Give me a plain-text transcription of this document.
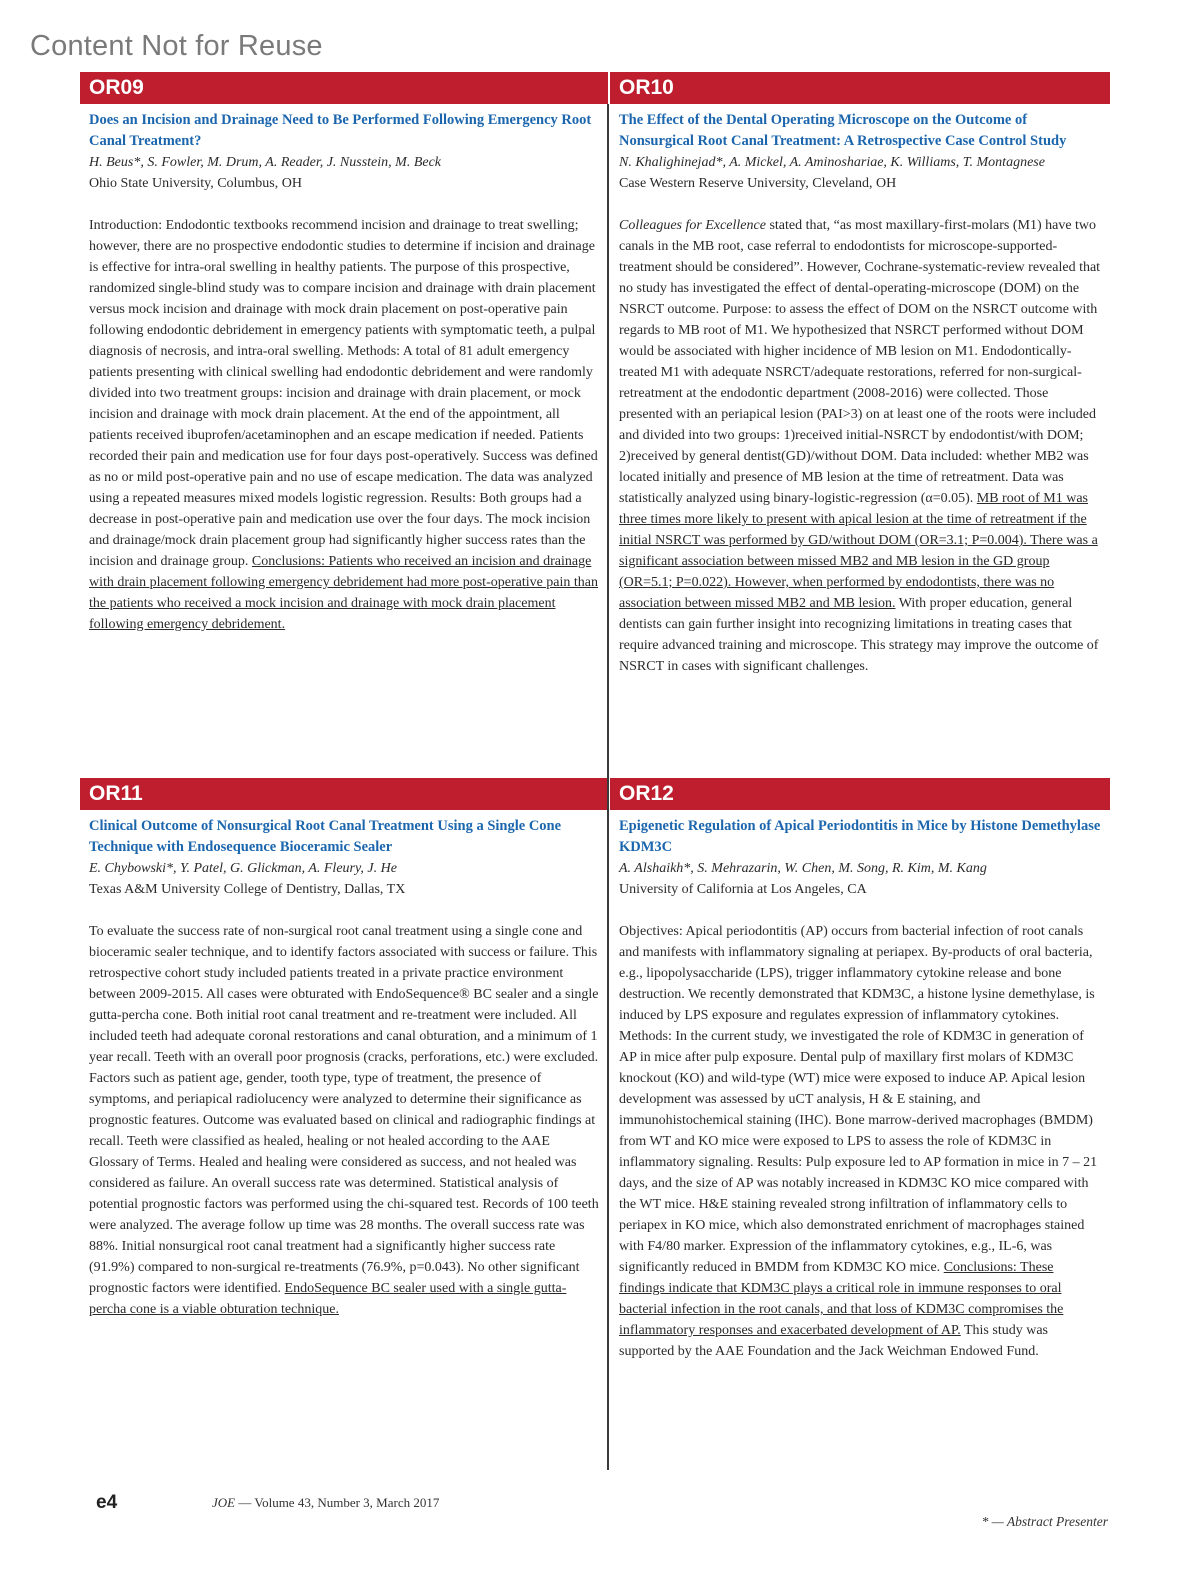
Content Not for Reuse
OR09	OR10
OR11	OR12

Does an Incision and Drainage Need to Be Performed Following Emergency Root Canal Treatment?

H. Beus*, S. Fowler, M. Drum, A. Reader, J. Nusstein, M. Beck

Ohio State University, Columbus, OH

Introduction: Endodontic textbooks recommend incision and drainage to treat swelling; however, there are no prospective endodontic studies to determine if incision and drainage is effective for intra-oral swelling in healthy patients. The purpose of this prospective, randomized single-blind study was to compare incision and drainage with drain placement versus mock incision and drainage with mock drain placement on post-operative pain following endodontic debridement in emergency patients with symptomatic teeth, a pulpal diagnosis of necrosis, and intra-oral swelling. Methods: A total of 81 adult emergency patients presenting with clinical swelling had endodontic debridement and were randomly divided into two treatment groups: incision and drainage with drain placement, or mock incision and drainage with mock drain placement. At the end of the appointment, all patients received ibuprofen/acetaminophen and an escape medication if needed. Patients recorded their pain and medication use for four days post-operatively. Success was defined as no or mild post-operative pain and no use of escape medication. The data was analyzed using a repeated measures mixed models logistic regression. Results: Both groups had a decrease in post-operative pain and medication use over the four days. The mock incision and drainage/mock drain placement group had significantly higher success rates than the incision and drainage group. Conclusions: Patients who received an incision and drainage with drain placement following emergency debridement had more post-operative pain than the patients who received a mock incision and drainage with mock drain placement following emergency debridement.

The Effect of the Dental Operating Microscope on the Outcome of Nonsurgical Root Canal Treatment: A Retrospective Case Control Study

N. Khalighinejad*, A. Mickel, A. Aminoshariae, K. Williams, T. Montagnese

Case Western Reserve University, Cleveland, OH

Colleagues for Excellence stated that, “as most maxillary-first-molars (M1) have two canals in the MB root, case referral to endodontists for microscope-supported-treatment should be considered”. However, Cochrane-systematic-review revealed that no study has investigated the effect of dental-operating-microscope (DOM) on the NSRCT outcome. Purpose: to assess the effect of DOM on the NSRCT outcome with regards to MB root of M1. We hypothesized that NSRCT performed without DOM would be associated with higher incidence of MB lesion on M1. Endodontically-treated M1 with adequate NSRCT/adequate restorations, referred for non-surgical-retreatment at the endodontic department (2008-2016) were collected. Those presented with an periapical lesion (PAI>3) on at least one of the roots were included and divided into two groups: 1)received initial-NSRCT by endodontist/with DOM; 2)received by general dentist(GD)/without DOM. Data included: whether MB2 was located initially and presence of MB lesion at the time of retreatment. Data was statistically analyzed using binary-logistic-regression (α=0.05). MB root of M1 was three times more likely to present with apical lesion at the time of retreatment if the initial NSRCT was performed by GD/without DOM (OR=3.1; P=0.004). There was a significant association between missed MB2 and MB lesion in the GD group (OR=5.1; P=0.022). However, when performed by endodontists, there was no association between missed MB2 and MB lesion. With proper education, general dentists can gain further insight into recognizing limitations in treating cases that require advanced training and microscope. This strategy may improve the outcome of NSRCT in cases with significant challenges.

Clinical Outcome of Nonsurgical Root Canal Treatment Using a Single Cone Technique with Endosequence Bioceramic Sealer

E. Chybowski*, Y. Patel, G. Glickman, A. Fleury, J. He

Texas A&M University College of Dentistry, Dallas, TX

To evaluate the success rate of non-surgical root canal treatment using a single cone and bioceramic sealer technique, and to identify factors associated with success or failure. This retrospective cohort study included patients treated in a private practice environment between 2009-2015. All cases were obturated with EndoSequence® BC sealer and a single gutta-percha cone. Both initial root canal treatment and re-treatment were included. All included teeth had adequate coronal restorations and canal obturation, and a minimum of 1 year recall. Teeth with an overall poor prognosis (cracks, perforations, etc.) were excluded. Factors such as patient age, gender, tooth type, type of treatment, the presence of symptoms, and periapical radiolucency were analyzed to determine their significance as prognostic features. Outcome was evaluated based on clinical and radiographic findings at recall. Teeth were classified as healed, healing or not healed according to the AAE Glossary of Terms. Healed and healing were considered as success, and not healed was considered as failure. An overall success rate was determined. Statistical analysis of potential prognostic factors was performed using the chi-squared test. Records of 100 teeth were analyzed. The average follow up time was 28 months. The overall success rate was 88%. Initial nonsurgical root canal treatment had a significantly higher success rate (91.9%) compared to non-surgical re-treatments (76.9%, p=0.043). No other significant prognostic factors were identified. EndoSequence BC sealer used with a single gutta-percha cone is a viable obturation technique.

Epigenetic Regulation of Apical Periodontitis in Mice by Histone Demethylase KDM3C

A. Alshaikh*, S. Mehrazarin, W. Chen, M. Song, R. Kim, M. Kang

University of California at Los Angeles, CA

Objectives: Apical periodontitis (AP) occurs from bacterial infection of root canals and manifests with inflammatory signaling at periapex. By-products of oral bacteria, e.g., lipopolysaccharide (LPS), trigger inflammatory cytokine release and bone destruction. We recently demonstrated that KDM3C, a histone lysine demethylase, is induced by LPS exposure and regulates expression of inflammatory cytokines. Methods: In the current study, we investigated the role of KDM3C in generation of AP in mice after pulp exposure. Dental pulp of maxillary first molars of KDM3C knockout (KO) and wild-type (WT) mice were exposed to induce AP. Apical lesion development was assessed by uCT analysis, H & E staining, and immunohistochemical staining (IHC). Bone marrow-derived macrophages (BMDM) from WT and KO mice were exposed to LPS to assess the role of KDM3C in inflammatory signaling. Results: Pulp exposure led to AP formation in mice in 7 – 21 days, and the size of AP was notably increased in KDM3C KO mice compared with the WT mice. H&E staining revealed strong infiltration of inflammatory cells to periapex in KO mice, which also demonstrated enrichment of macrophages stained with F4/80 marker. Expression of the inflammatory cytokines, e.g., IL-6, was significantly reduced in BMDM from KDM3C KO mice. Conclusions: These findings indicate that KDM3C plays a critical role in immune responses to oral bacterial infection in the root canals, and that loss of KDM3C compromises the inflammatory responses and exacerbated development of AP. This study was supported by the AAE Foundation and the Jack Weichman Endowed Fund.

e4	JOE — Volume 43, Number 3, March 2017
* — Abstract Presenter
